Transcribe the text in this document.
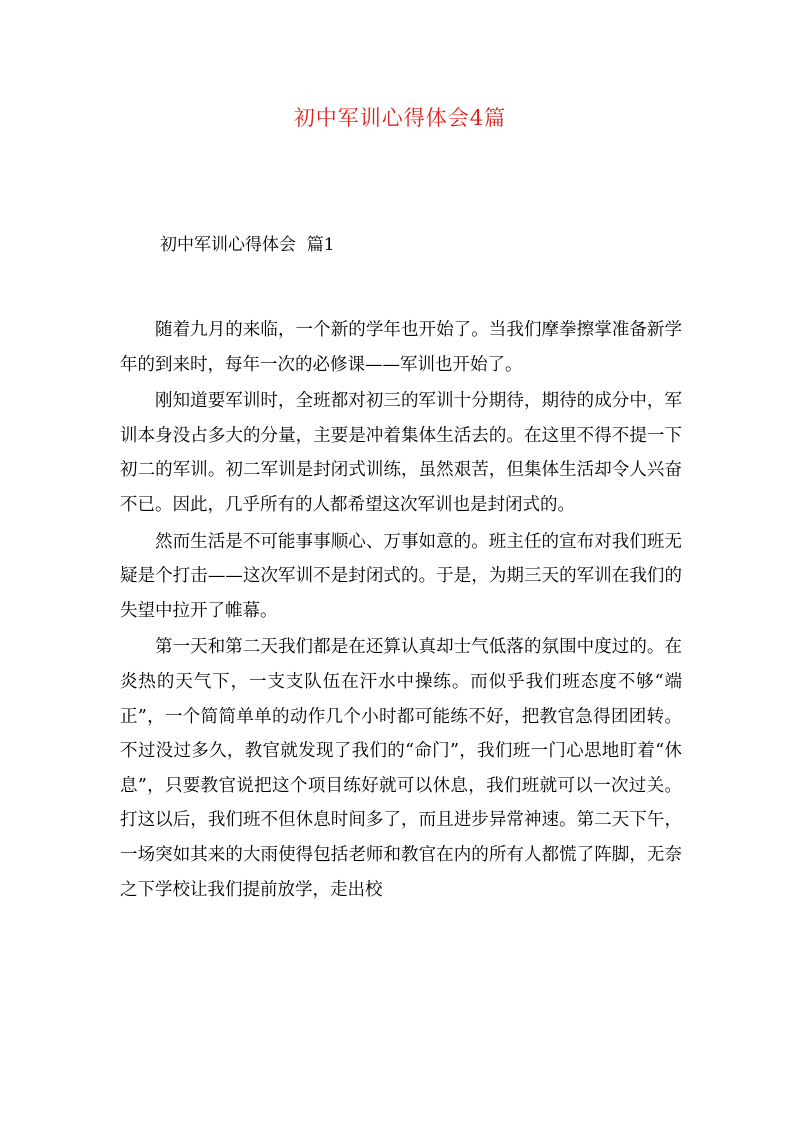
初中军训心得体会4篇
初中军训心得体会  篇1

随着九月的来临，一个新的学年也开始了。当我们摩拳擦掌准备新学年的到来时，每年一次的必修课——军训也开始了。

刚知道要军训时，全班都对初三的军训十分期待，期待的成分中，军训本身没占多大的分量，主要是冲着集体生活去的。在这里不得不提一下初二的军训。初二军训是封闭式训练，虽然艰苦，但集体生活却令人兴奋不已。因此，几乎所有的人都希望这次军训也是封闭式的。

然而生活是不可能事事顺心、万事如意的。班主任的宣布对我们班无疑是个打击——这次军训不是封闭式的。于是，为期三天的军训在我们的失望中拉开了帷幕。

第一天和第二天我们都是在还算认真却士气低落的氛围中度过的。在炎热的天气下，一支支队伍在汗水中操练。而似乎我们班态度不够“端正”，一个简简单单的动作几个小时都可能练不好，把教官急得团团转。不过没过多久，教官就发现了我们的“命门”，我们班一门心思地盯着“休息”，只要教官说把这个项目练好就可以休息，我们班就可以一次过关。打这以后，我们班不但休息时间多了，而且进步异常神速。第二天下午，一场突如其来的大雨使得包括老师和教官在内的所有人都慌了阵脚，无奈之下学校让我们提前放学，走出校
